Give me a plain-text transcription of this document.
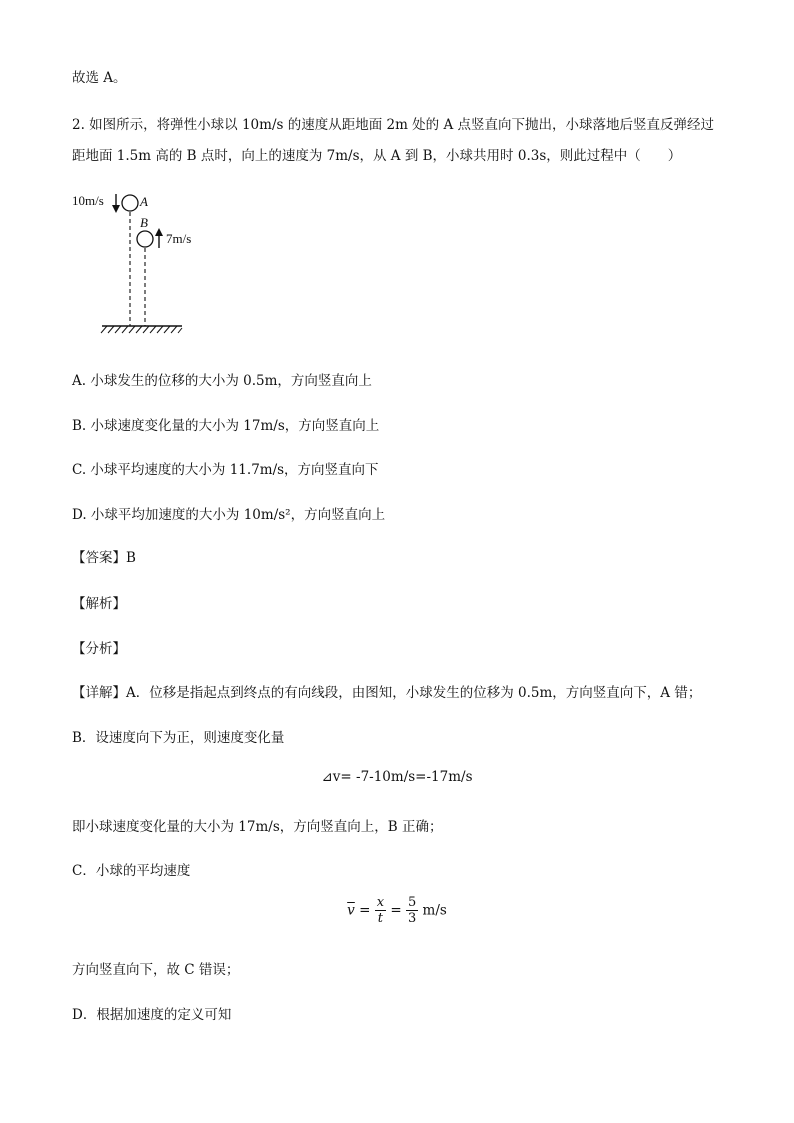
故选 A。
2. 如图所示，将弹性小球以 10m/s 的速度从距地面 2m 处的 A 点竖直向下抛出，小球落地后竖直反弹经过
距地面 1.5m 高的 B 点时，向上的速度为 7m/s，从 A 到 B，小球共用时 0.3s，则此过程中（　　）
10m/s	A
B
7m/s
A. 小球发生的位移的大小为 0.5m，方向竖直向上
B. 小球速度变化量的大小为 17m/s，方向竖直向上
C. 小球平均速度的大小为 11.7m/s，方向竖直向下
D. 小球平均加速度的大小为 10m/s²，方向竖直向上
【答案】B
【解析】
【分析】
【详解】A．位移是指起点到终点的有向线段，由图知，小球发生的位移为 0.5m，方向竖直向下，A 错；
B．设速度向下为正，则速度变化量
⊿v= -7-10m/s=-17m/s
即小球速度变化量的大小为 17m/s，方向竖直向上，B 正确；
C．小球的平均速度
$\overline{v} = \frac{x}{t} = \frac{5}{3} m/s$
方向竖直向下，故 C 错误；
D．根据加速度的定义可知
